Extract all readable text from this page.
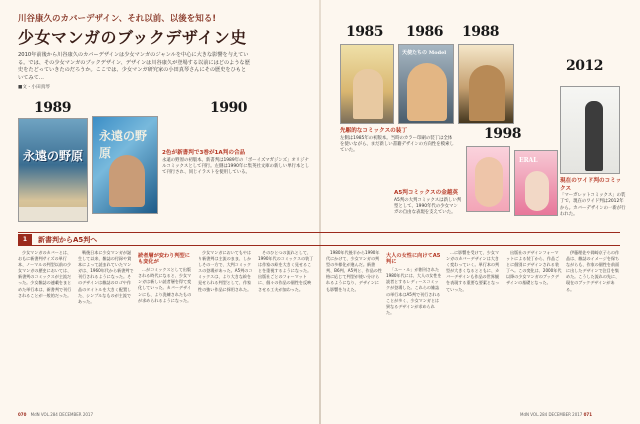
川谷康久のカバーデザイン、それ以前、以後を知る!
少女マンガのブックデザイン史
2010年前後から川谷康久のカバーデザインは少女マンガのジャンルを中心に大きな影響を与えている。では、その少女マンガのブックデザイン、デザインは川谷康久が登場する以前にはどのような歴史をたどっていきたのだろうか。ここでは、少女マンガ研究家の小田真琴さんにその歴史をひもといてみて…
■文・小田真琴
1989	1990
1985 1986 1988
2012
1998
永遠の野原
永遠の野原
天使たちの Model
ERAL
2色が新書判で3巻が1A判の合品
永遠の野原の初版本、新書判は1989年の「ボーイズマガジンズ」オリジナルコミックスとして刊行。左側は1990年に集英社文庫の新しい単行本として刊行され、同じイラストを使用している。
先駆的なコミックスの装丁
左側は1985年の初版本。当時のカラー印刷の装丁は全体を使いながら、まだ新しい書籍デザインの方向性を模索していた。
A5判コミックスの金越英
A5判の大判コミックスは新しい判型として、1990年代の少女マンガの自由な表現を支えていた。
現在のワイド判のコミックス
「マーガレットコミックス」の装丁で、現在のワイド判は2012年から。カバーデザインの一新が行われた。
1	新書判からA5判へ

少女マンガのカバーとは、おもに新書判サイズの単行本、ノーマルの判型以前の少女マンガの歴史においては、新書判のコミックスが主流だった。少女雑誌の連載をまとめた単行本は、新書判で刊行されることが一般的だった。

戦後日本に少女マンガが誕生して以来、雑誌の付録や貸本によって読まれていたマンガは、1960年代から新書判で刊行されるようになった。そのデザインは雑誌のロゴや作品のタイトルを大きく配置した、シンプルなものが主流であった。

読者層が変わり判型にも変化が

…がコミックスとして出版される時代になると、少女マンガは新しい読者層を得て変化していった。カバーデザインにも、より洗練されたものが求められるようになった。

少女マンガにおいてもやはり新書判は主流のまま、しかしその一方で、大判コミックスの登場があった。A5判のコミックスは、より大きな絵を見せられる判型として、作家性の強い作品に採用された。

そのひとつの流れとして、1990年代のコミックスの装丁は作家の絵を大きく見せることを重視するようになった。出版社ごとのフォーマットに、個々の作品の個性を反映させる工夫が加わった。

1980年代後半から1990年代にかけて、少女マンガの判型の多様化が進んだ。新書判、B6判、A5判と、作品の性格に応じて判型が使い分けられるようになり、デザインにも影響を与えた。

大人の女性に向けてA5判に

「ユー・ル」が創刊された1980年代には、大人の女性を読者とするレディースコミックが登場した。これらの雑誌の単行本はA5判で刊行されることが多く、少女マンガとは異なるデザインが求められた。

…に影響を受けて、少女マンガのカバーデザインは大きく変わっていく。単行本の判型が大きくなるとともに、カバーデザインも作品の世界観を表現する重要な要素となっていった。

出版社のデザインフォーマットによる装丁から、作品ごとに個別にデザインされる装丁へ。この変化は、2000年代以降の少女マンガのブックデザインの基礎となった。

伊藤理佐や岡崎京子らの作品は、雑誌のイメージを保ちながらも、作家の個性を前面に出したデザインで注目を集めた。こうした流れの先に、現在のブックデザインがある。

070 MdN VOL.284 DECEMBER 2017	MdN VOL.284 DECEMBER 2017 071
